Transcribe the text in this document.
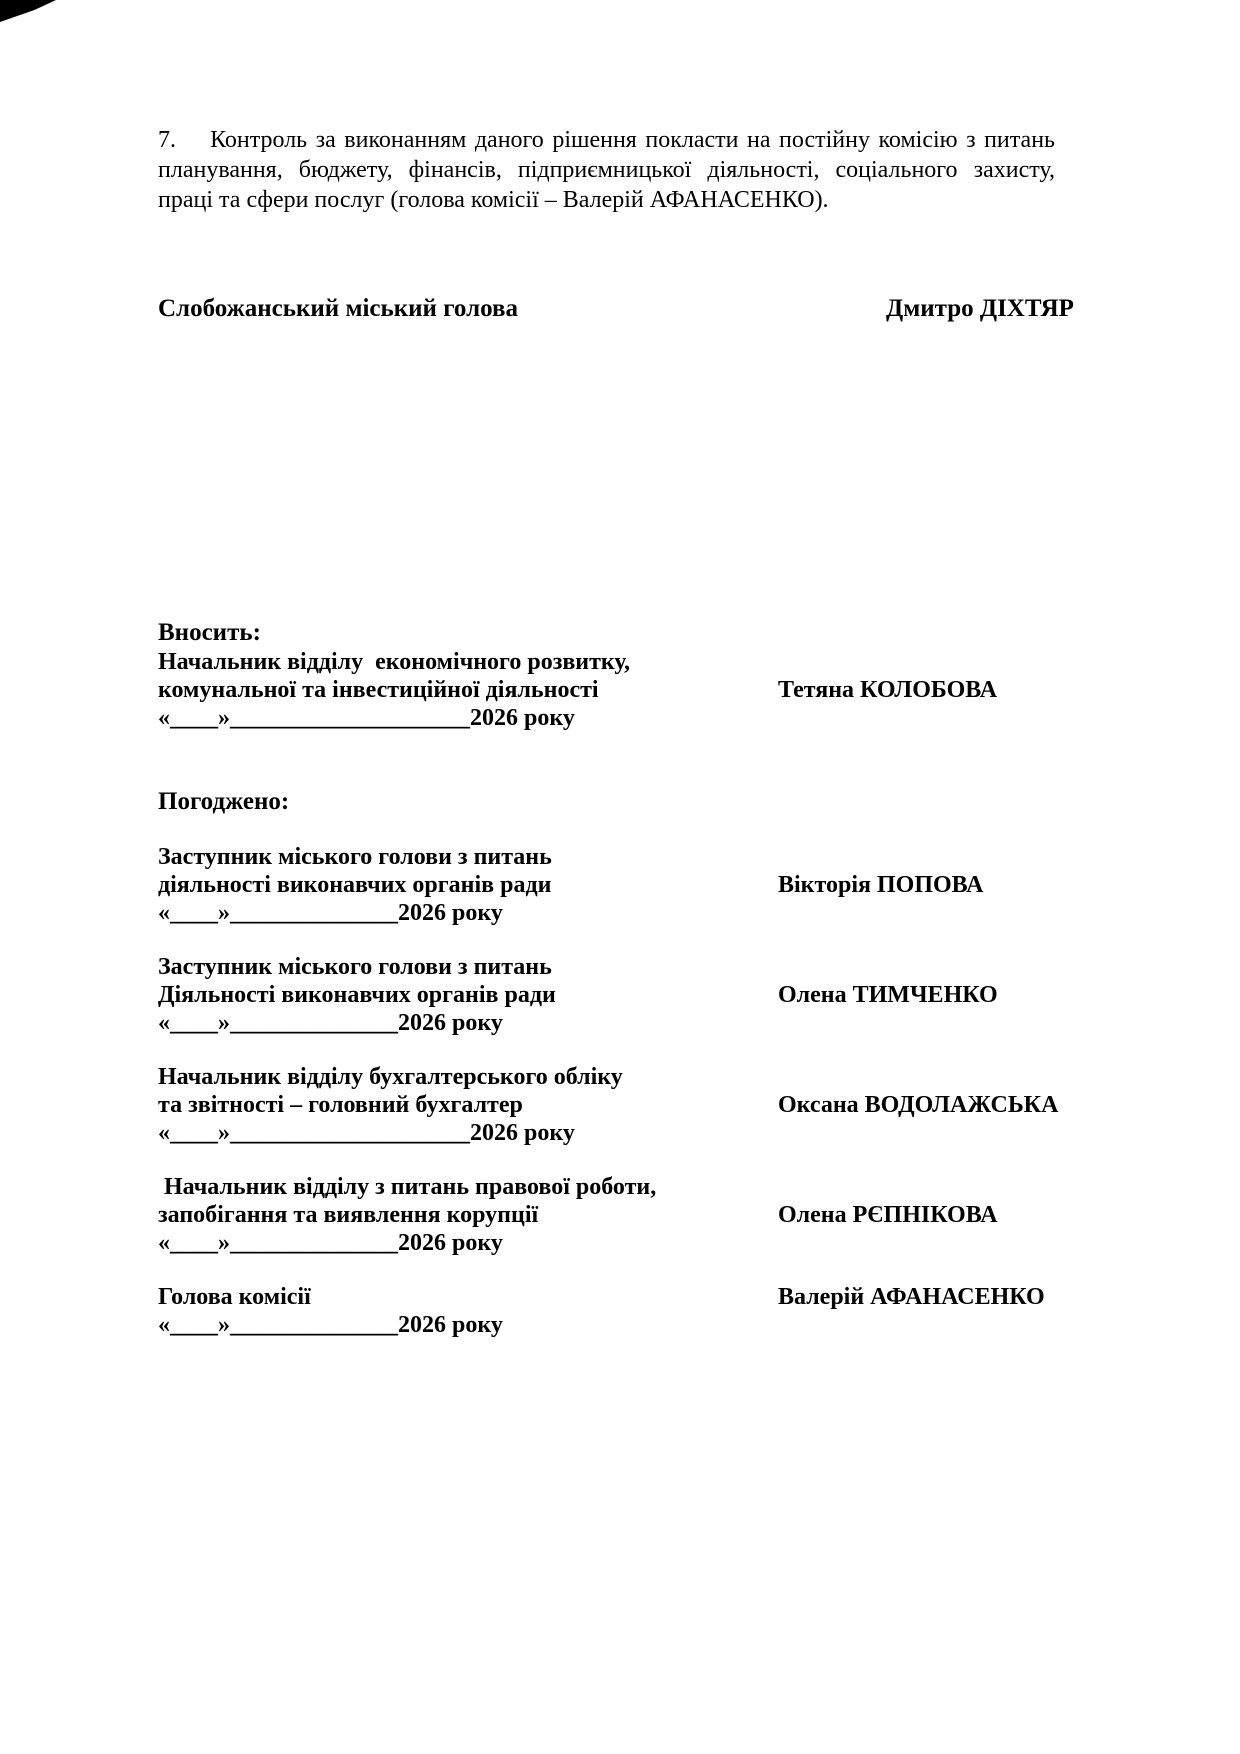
7.    Контроль за виконанням даного рішення покласти на постійну комісію з питань планування, бюджету, фінансів, підприємницької діяльності, соціального захисту, праці та сфери послуг (голова комісії – Валерій АФАНАСЕНКО).

Слобожанський міський голова	Дмитро ДІХТЯР
Вносить:
Начальник відділу  економічного розвитку,
комунальної та інвестиційної діяльності
«____»____________________2026 року
Тетяна КОЛОБОВА
Погоджено:
Заступник міського голови з питань
діяльності виконавчих органів ради
«____»______________2026 року
Вікторія ПОПОВА
Заступник міського голови з питань
Діяльності виконавчих органів ради
«____»______________2026 року
Олена ТИМЧЕНКО
Начальник відділу бухгалтерського обліку
та звітності – головний бухгалтер
«____»____________________2026 року
Оксана ВОДОЛАЖСЬКА
Начальник відділу з питань правової роботи,
запобігання та виявлення корупції
«____»______________2026 року
Олена РЄПНІКОВА
Голова комісії
«____»______________2026 року
Валерій АФАНАСЕНКО
